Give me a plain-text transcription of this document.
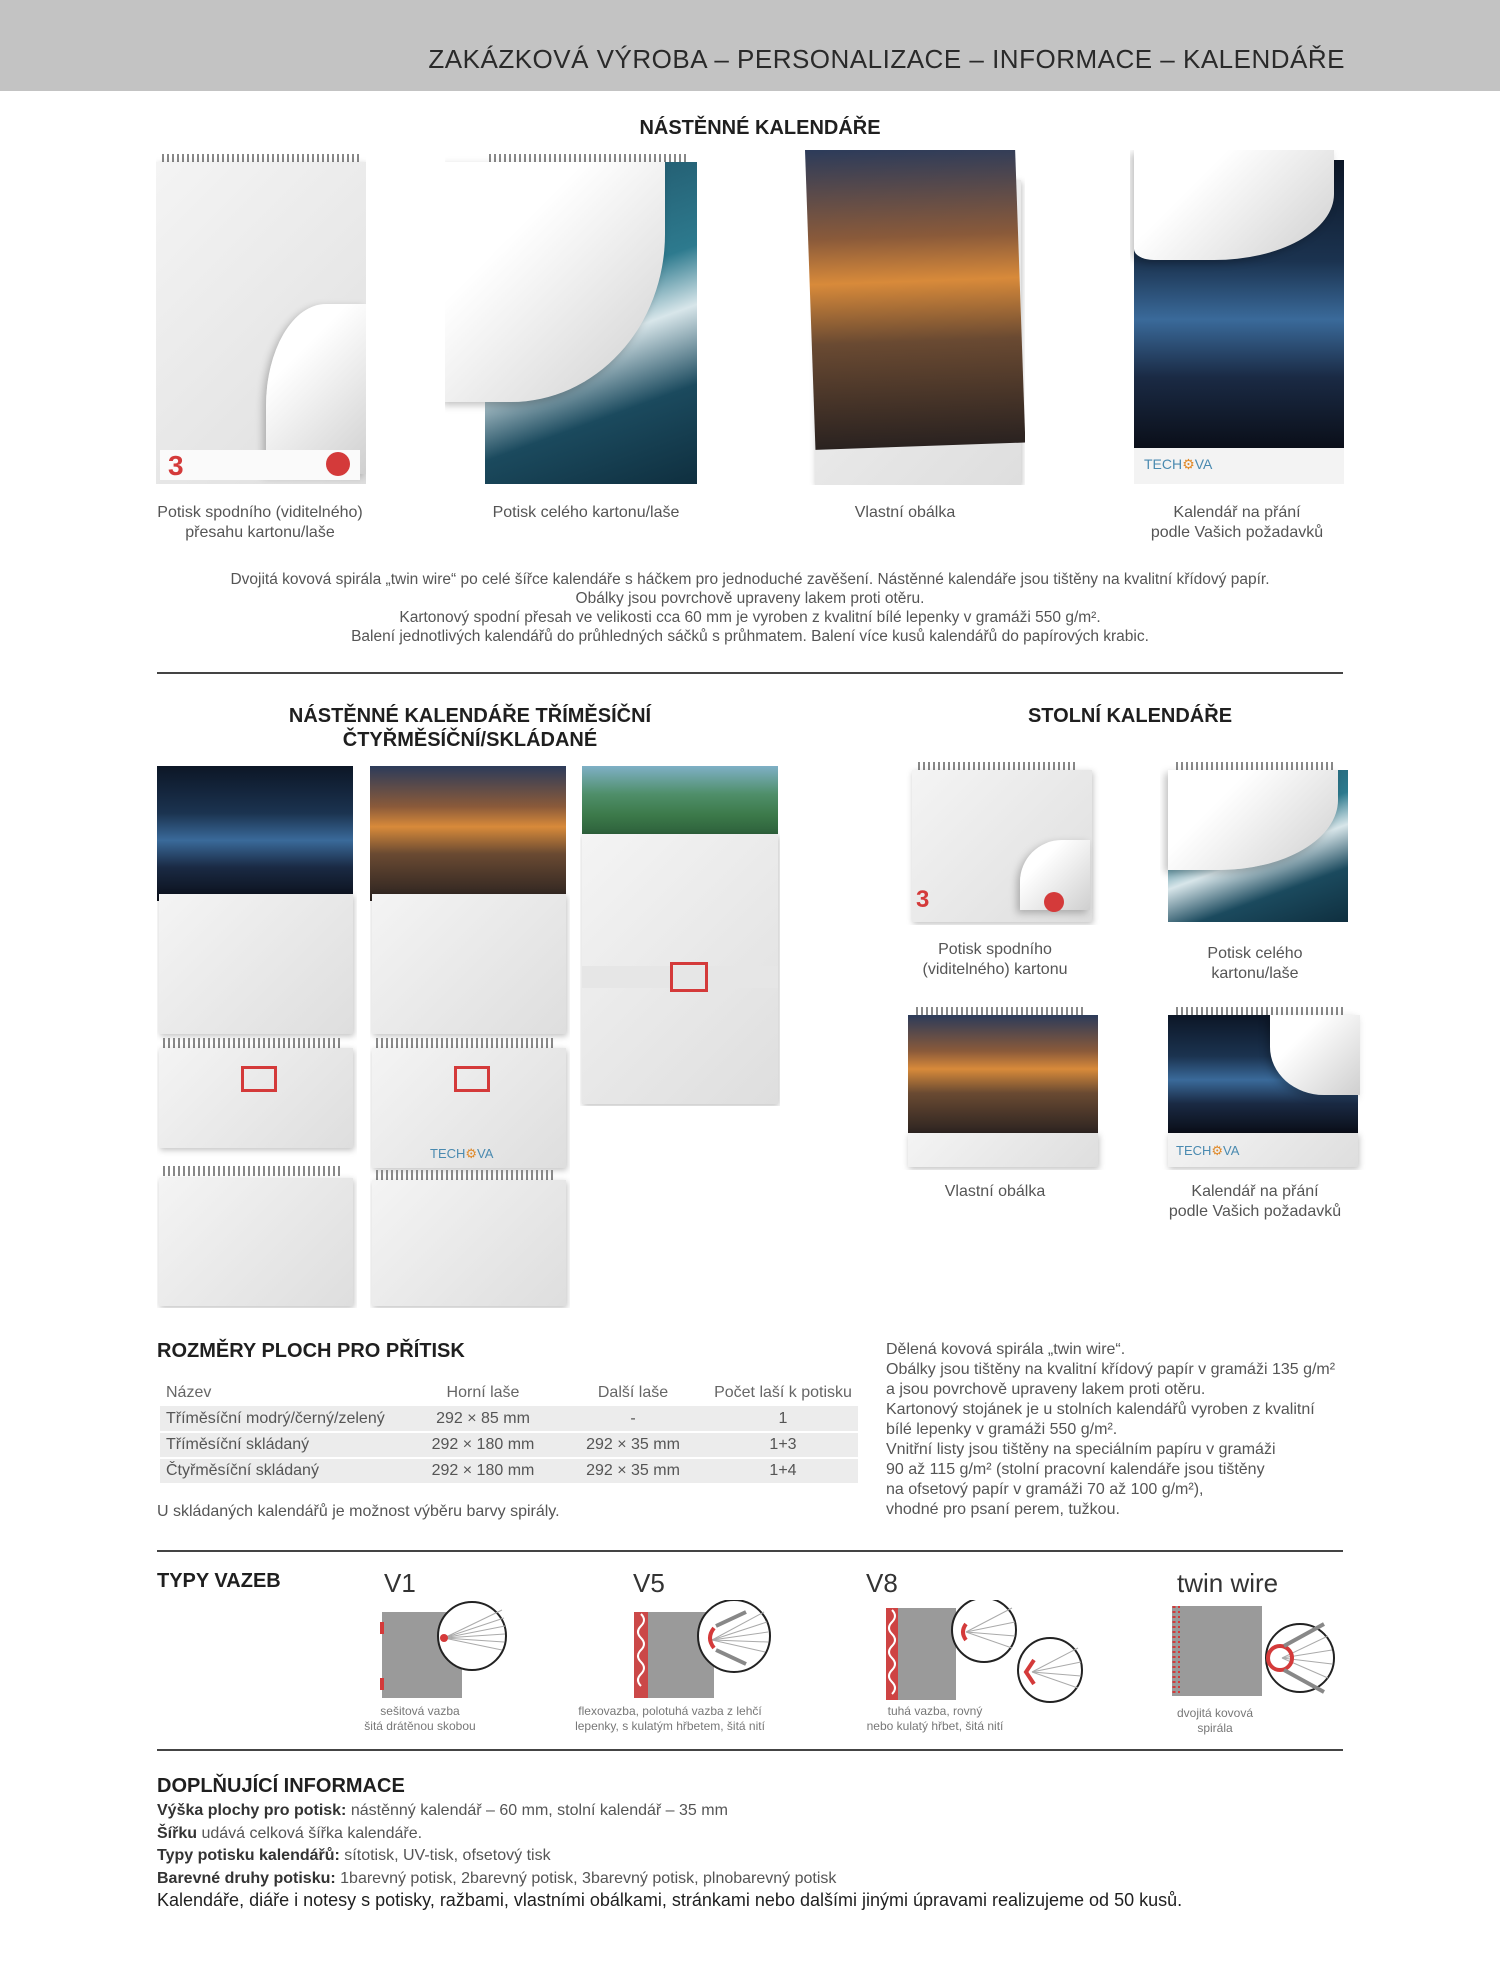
ZAKÁZKOVÁ VÝROBA – PERSONALIZACE – INFORMACE – KALENDÁŘE
NÁSTĚNNÉ KALENDÁŘE
3	TECH⚙VA
Potisk spodního (viditelného)
přesahu kartonu/laše
Potisk celého kartonu/laše	Vlastní obálka	Kalendář na přání
podle Vašich požadavků
Dvojitá kovová spirála „twin wire“ po celé šířce kalendáře s háčkem pro jednoduché zavěšení. Nástěnné kalendáře jsou tištěny na kvalitní křídový papír.
Obálky jsou povrchově upraveny lakem proti otěru.
Kartonový spodní přesah ve velikosti cca 60 mm je vyroben z kvalitní bílé lepenky v gramáži 550 g/m².
Balení jednotlivých kalendářů do průhledných sáčků s průhmatem. Balení více kusů kalendářů do papírových krabic.
NÁSTĚNNÉ KALENDÁŘE TŘÍMĚSÍČNÍ
ČTYŘMĚSÍČNÍ/SKLÁDANÉ
STOLNÍ KALENDÁŘE
TECH⚙VA
3
Potisk spodního
(viditelného) kartonu
Potisk celého
kartonu/laše
TECH⚙VA
Vlastní obálka	Kalendář na přání
podle Vašich požadavků
ROZMĚRY PLOCH PRO PŘÍTISK
Název	Horní laše	Další laše	Počet laší k potisku
Tříměsíční modrý/černý/zelený	292 × 85 mm	-	1
Tříměsíční skládaný	292 × 180 mm	292 × 35 mm	1+3
Čtyřměsíční skládaný	292 × 180 mm	292 × 35 mm	1+4
U skládaných kalendářů je možnost výběru barvy spirály.
Dělená kovová spirála „twin wire“.
Obálky jsou tištěny na kvalitní křídový papír v gramáži 135 g/m²
a jsou povrchově upraveny lakem proti otěru.
Kartonový stojánek je u stolních kalendářů vyroben z kvalitní
bílé lepenky v gramáži 550 g/m².
Vnitřní listy jsou tištěny na speciálním papíru v gramáži
90 až 115 g/m² (stolní pracovní kalendáře jsou tištěny
na ofsetový papír v gramáži 70 až 100 g/m²),
vhodné pro psaní perem, tužkou.
TYPY VAZEB	V1
sešitová vazba
šitá drátěnou skobou
V5
flexovazba, polotuhá vazba z lehčí
lepenky, s kulatým hřbetem, šitá nití
V8
tuhá vazba, rovný
nebo kulatý hřbet, šitá nití
twin wire
dvojitá kovová
spirála
DOPLŇUJÍCÍ INFORMACE
Výška plochy pro potisk: nástěnný kalendář – 60 mm, stolní kalendář – 35 mm
Šířku udává celková šířka kalendáře.
Typy potisku kalendářů: sítotisk, UV-tisk, ofsetový tisk
Barevné druhy potisku: 1barevný potisk, 2barevný potisk, 3barevný potisk, plnobarevný potisk
Kalendáře, diáře i notesy s potisky, ražbami, vlastními obálkami, stránkami nebo dalšími jinými úpravami realizujeme od 50 kusů.
